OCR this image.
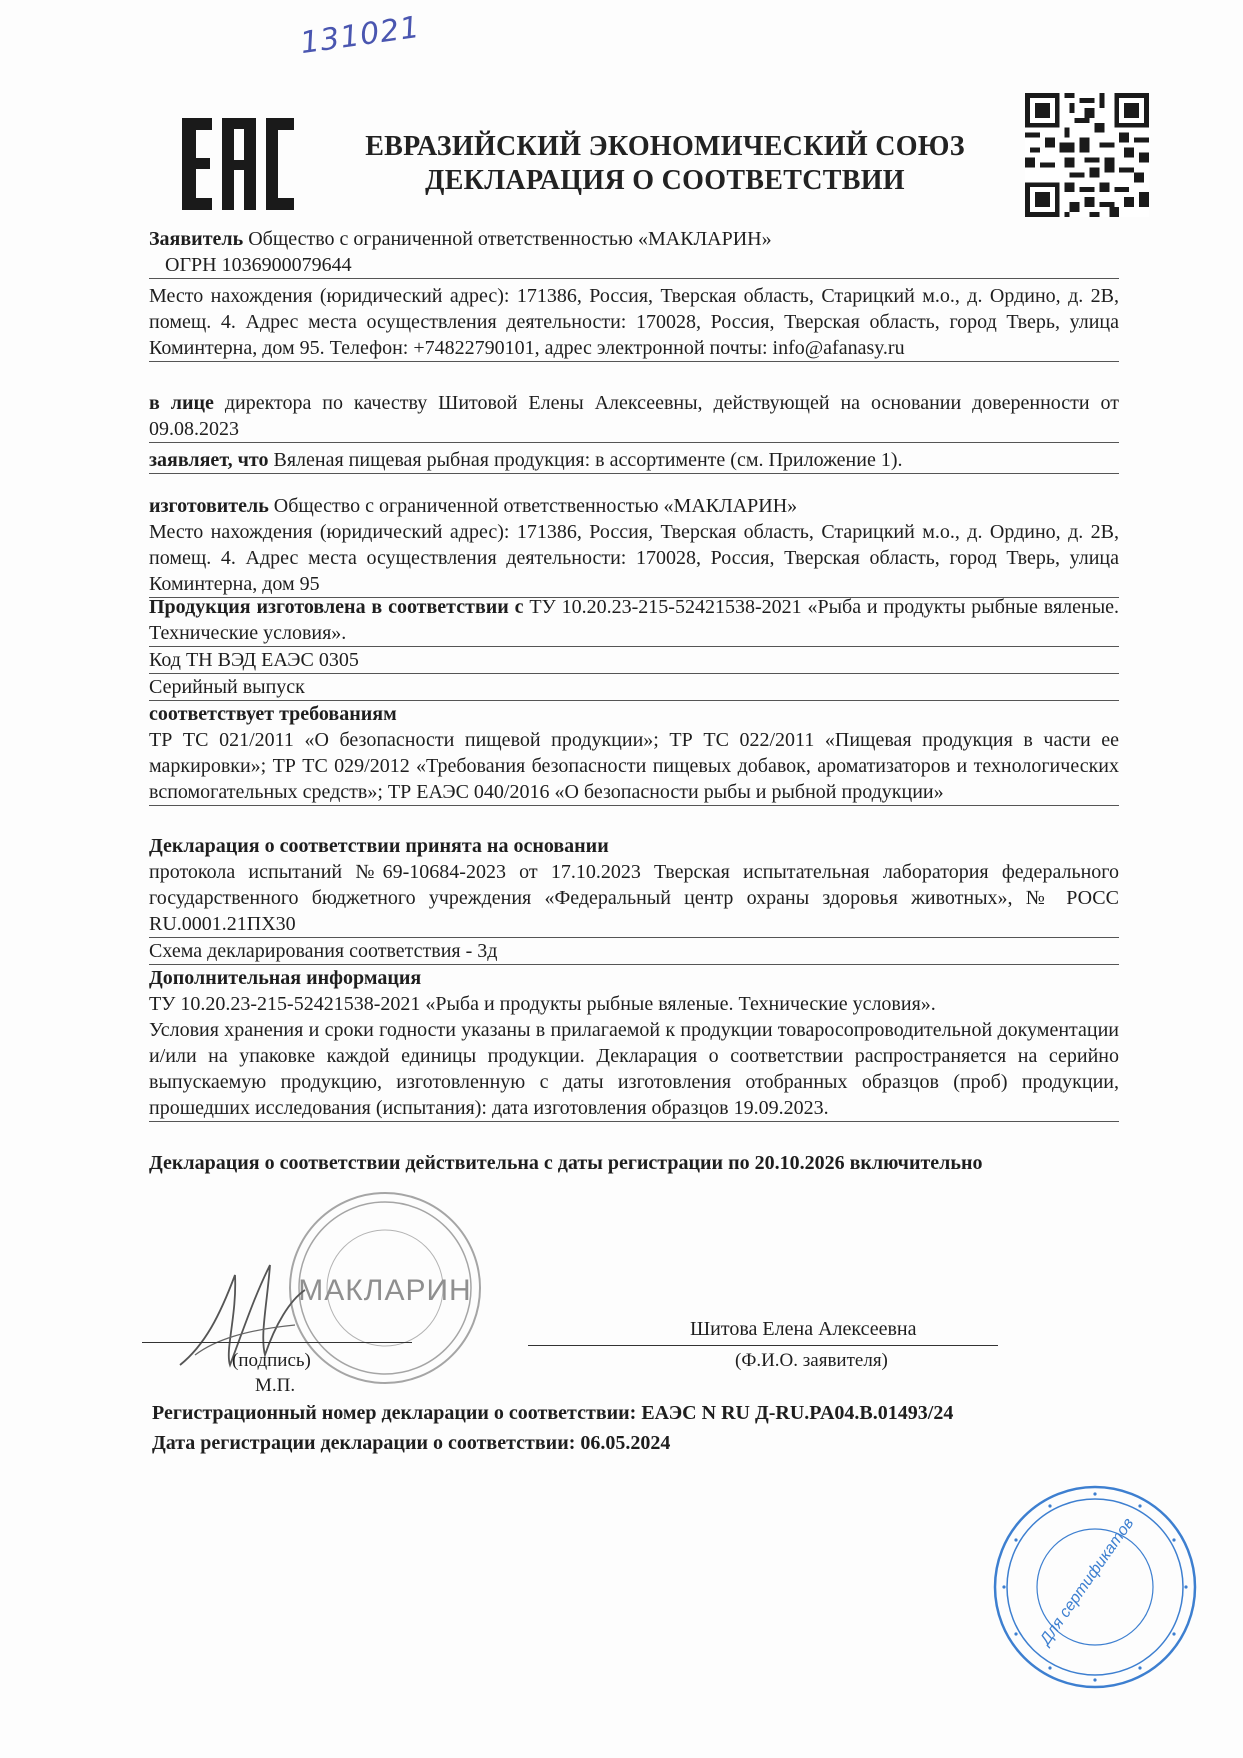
131021
ЕВРАЗИЙСКИЙ ЭКОНОМИЧЕСКИЙ СОЮЗ
ДЕКЛАРАЦИЯ О СООТВЕТСТВИИ
Заявитель Общество с ограниченной ответственностью «МАКЛАРИН»
ОГРН 1036900079644
Место нахождения (юридический адрес): 171386, Россия, Тверская область, Старицкий м.о., д. Ордино, д. 2В, помещ. 4. Адрес места осуществления деятельности: 170028, Россия, Тверская область, город Тверь, улица Коминтерна, дом 95. Телефон: +74822790101, адрес электронной почты: info@afanasy.ru
в лице директора по качеству Шитовой Елены Алексеевны, действующей на основании доверенности от 09.08.2023
заявляет, что Вяленая пищевая рыбная продукция: в ассортименте (см. Приложение 1).
изготовитель Общество с ограниченной ответственностью «МАКЛАРИН»
Место нахождения (юридический адрес): 171386, Россия, Тверская область, Старицкий м.о., д. Ордино, д. 2В, помещ. 4. Адрес места осуществления деятельности: 170028, Россия, Тверская область, город Тверь, улица Коминтерна, дом 95
Продукция изготовлена в соответствии с ТУ 10.20.23-215-52421538-2021 «Рыба и продукты рыбные вяленые. Технические условия».
Код ТН ВЭД ЕАЭС 0305
Серийный выпуск
соответствует требованиям
ТР ТС 021/2011 «О безопасности пищевой продукции»; ТР ТС 022/2011 «Пищевая продукция в части ее маркировки»; ТР ТС 029/2012 «Требования безопасности пищевых добавок, ароматизаторов и технологических вспомогательных средств»; ТР ЕАЭС 040/2016 «О безопасности рыбы и рыбной продукции»
Декларация о соответствии принята на основании
протокола испытаний №69-10684-2023 от 17.10.2023 Тверская испытательная лаборатория федерального государственного бюджетного учреждения «Федеральный центр охраны здоровья животных», № РОСС RU.0001.21ПХ30
Схема декларирования соответствия - 3д
Дополнительная информация
ТУ 10.20.23-215-52421538-2021 «Рыба и продукты рыбные вяленые. Технические условия».
Условия хранения и сроки годности указаны в прилагаемой к продукции товаросопроводительной документации и/или на упаковке каждой единицы продукции. Декларация о соответствии распространяется на серийно выпускаемую продукцию, изготовленную с даты изготовления отобранных образцов (проб) продукции, прошедших исследования (испытания): дата изготовления образцов 19.09.2023.
Декларация о соответствии действительна с даты регистрации по 20.10.2026 включительно
МАКЛАРИН
(подпись)
М.П.
Шитова Елена Алексеевна
(Ф.И.О. заявителя)
Регистрационный номер декларации о соответствии: ЕАЭС N RU Д-RU.PA04.B.01493/24
Дата регистрации декларации о соответствии: 06.05.2024
Для сертификатов
